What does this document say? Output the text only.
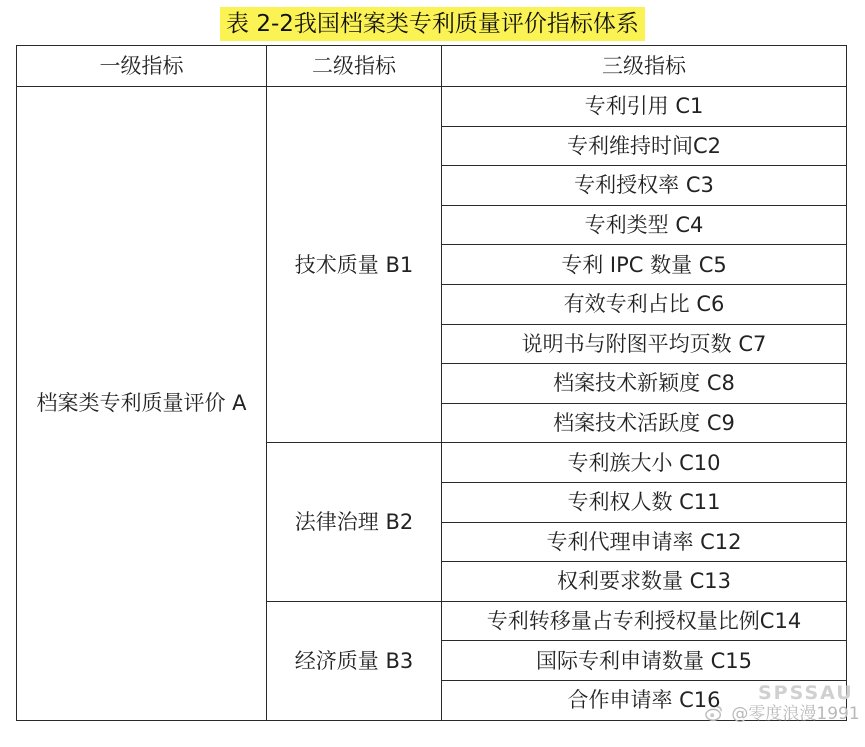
表 2-2我国档案类专利质量评价指标体系
一级指标	二级指标	三级指标
档案类专利质量评价 A	技术质量 B1	专利引用 C1
		专利维持时间C2
		专利授权率 C3
		专利类型 C4
		专利 IPC 数量 C5
		有效专利占比 C6
		说明书与附图平均页数 C7
		档案技术新颖度 C8
		档案技术活跃度 C9
	法律治理 B2	专利族大小 C10
		专利权人数 C11
		专利代理申请率 C12
		权利要求数量 C13
	经济质量 B3	专利转移量占专利授权量比例C14
		国际专利申请数量 C15
		合作申请率 C16 SPSSAU
@零度浪漫1991
